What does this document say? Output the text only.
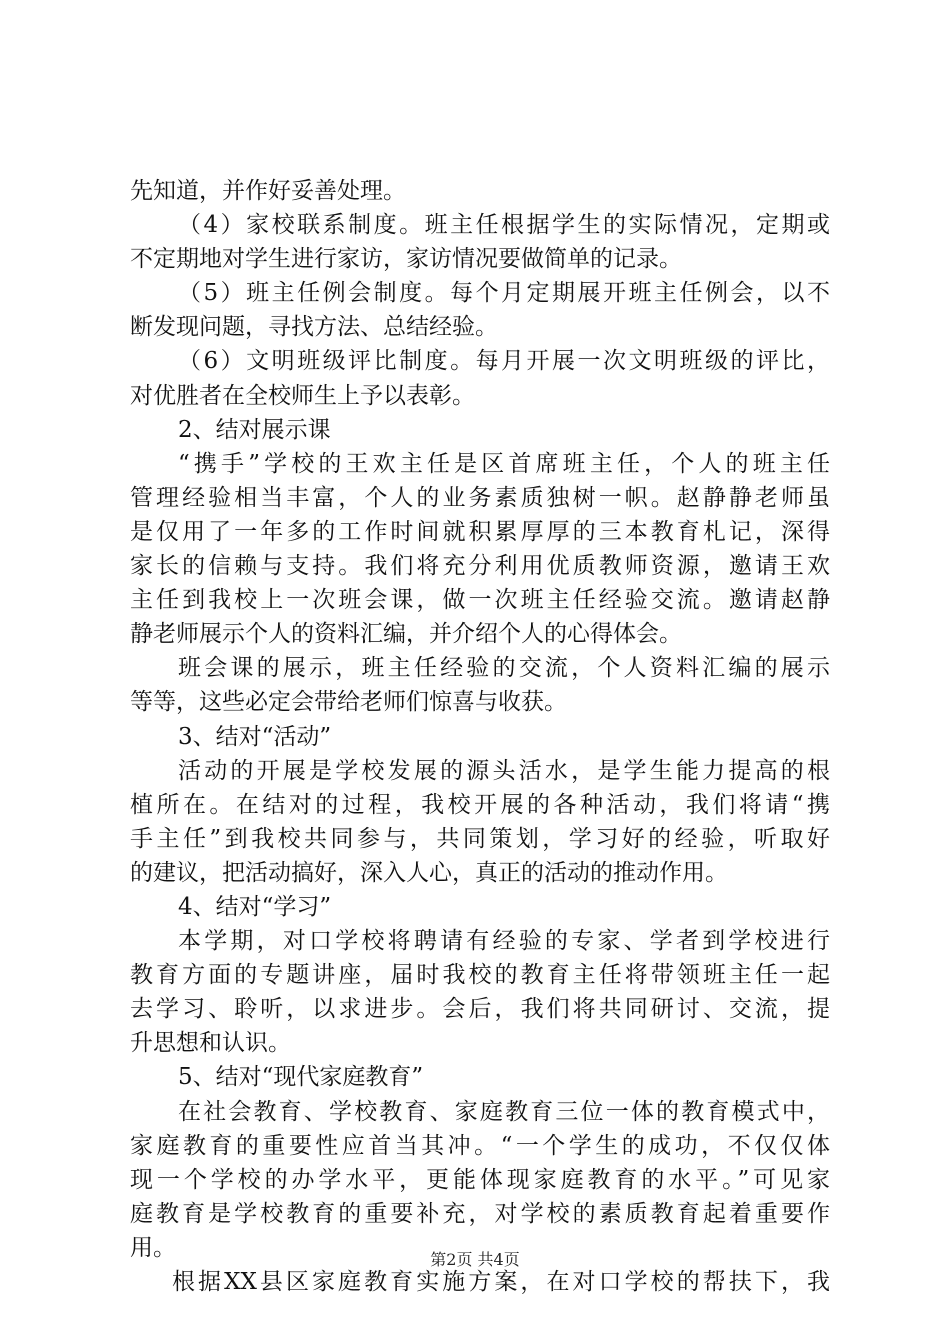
先知道，并作好妥善处理。
（4）家校联系制度。班主任根据学生的实际情况，定期或
不定期地对学生进行家访，家访情况要做简单的记录。
（5）班主任例会制度。每个月定期展开班主任例会，以不
断发现问题，寻找方法、总结经验。
（6）文明班级评比制度。每月开展一次文明班级的评比，
对优胜者在全校师生上予以表彰。
2、结对展示课
“携手”学校的王欢主任是区首席班主任，个人的班主任
管理经验相当丰富，个人的业务素质独树一帜。赵静静老师虽
是仅用了一年多的工作时间就积累厚厚的三本教育札记，深得
家长的信赖与支持。我们将充分利用优质教师资源，邀请王欢
主任到我校上一次班会课，做一次班主任经验交流。邀请赵静
静老师展示个人的资料汇编，并介绍个人的心得体会。
班会课的展示，班主任经验的交流，个人资料汇编的展示
等等，这些必定会带给老师们惊喜与收获。
3、结对“活动”
活动的开展是学校发展的源头活水，是学生能力提高的根
植所在。在结对的过程，我校开展的各种活动，我们将请“携
手主任”到我校共同参与，共同策划，学习好的经验，听取好
的建议，把活动搞好，深入人心，真正的活动的推动作用。
4、结对“学习”
本学期，对口学校将聘请有经验的专家、学者到学校进行
教育方面的专题讲座，届时我校的教育主任将带领班主任一起
去学习、聆听，以求进步。会后，我们将共同研讨、交流，提
升思想和认识。
5、结对“现代家庭教育”
在社会教育、学校教育、家庭教育三位一体的教育模式中，
家庭教育的重要性应首当其冲。“一个学生的成功，不仅仅体
现一个学校的办学水平，更能体现家庭教育的水平。”可见家
庭教育是学校教育的重要补充，对学校的素质教育起着重要作
用。
根据XX县区家庭教育实施方案，在对口学校的帮扶下，我
第2页 共4页
